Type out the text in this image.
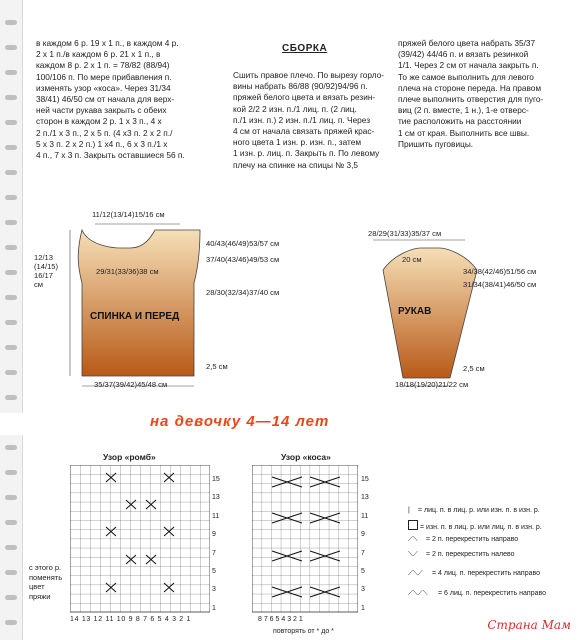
в каждом 6 р. 19 х 1 п., в каждом 4 р.
2 х 1 п./в каждом 6 р. 21 х 1 п., в
каждом 8 р. 2 х 1 п. = 78/82 (88/94)
100/106 п. По мере прибавления п.
изменять узор «коса». Через 31/34
38/41) 46/50 см от начала для верх-
ней части рукава закрыть с обеих
сторон в каждом 2 р. 1 х 3 п., 4 х
2 п./1 х 3 п., 2 х 5 п. (4 х3 п. 2 х 2 п./
5 х 3 п. 2 х 2 п.) 1 х4 п., 6 х 3 п./1 х
4 п., 7 х 3 п. Закрыть оставшиеся 56 п.
СБОРКА
Сшить правое плечо. По вырезу горло-
вины набрать 86/88 (90/92)94/96 п.
пряжей белого цвета и вязать резин-
кой 2/2 2 изн. п./1 лиц. п. (2 лиц.
п./1 изн. п.) 2 изн. п./1 лиц. п. Через
4 см от начала связать пряжей крас-
ного цвета 1 изн. р. изн. п., затем
1 изн. р. лиц. п. Закрыть п. По левому
плечу на спинке на спицы № 3,5
пряжей белого цвета набрать 35/37
(39/42) 44/46 п. и вязать резинкой
1/1. Через 2 см от начала закрыть п.
То же самое выполнить для левого
плеча на стороне переда. На правом
плече выполнить отверстия для пуго-
виц (2 п. вместе, 1 н.), 1-е отверс-
тие расположить на расстоянии
1 см от края. Выполнить все швы.
Пришить пуговицы.
11/12(13/14)15/16 см
12/13
(14/15)
16/17
см
29/31(33/36)38 см
40/43(46/49)53/57 см
37/40(43/46)49/53 см
28/30(32/34)37/40 см
2,5 см
35/37(39/42)45/48 см
СПИНКА И ПЕРЕД
28/29(31/33)35/37 см
20 см
34/38(42/46)51/56 см
31/34(38/41)46/50 см
2,5 см
18/18(19/20)21/22 см
РУКАВ
на девочку 4—14 лет
Узор «ромб»	Узор «коса»
14 13 12 11 10 9 8 7 6 5 4 3 2 1	8 7 6 5 4 3 2 1
повторять от * до *
15
13
11
9
7
5
3
1
15
13
11
9
7
5
3
1
с этого р.
поменять
цвет
пряжи
| = лиц. п. в лиц. р. или изн. п. в изн. р.
= изн. п. в лиц. р. или лиц. п. в изн. р.
⟋⟍ = 2 п. перекрестить направо
⟍⟋ = 2 п. перекрестить налево
⟋⟍⟋ = 4 лиц. п. перекрестить направо
⟋⟍⟋⟍ = 6 лиц. п. перекрестить направо
Страна Мам
